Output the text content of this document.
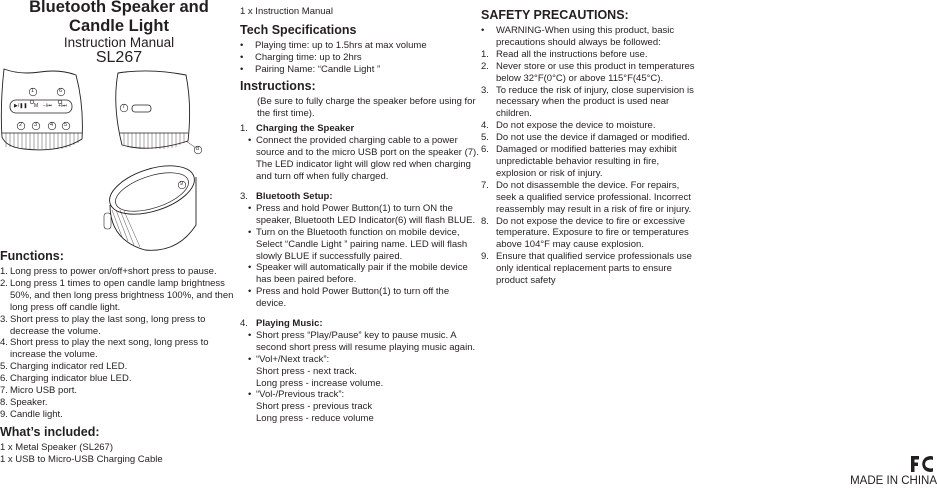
Bluetooth Speaker and
Candle Light
Instruction Manual
SL267
1	6
2 3 4 5
7
8
9
▶/❚❚ M −/⏮ +/⏭
Functions:
1. Long press to power on/off+short press to pause.
2. Long press 1 times to open candle lamp brightness 50%, and then long press brightness 100%, and then long press off candle light.
3. Short press to play the last song, long press to decrease the volume.
4. Short press to play the next song, long press to increase the volume.
5. Charging indicator red LED.
6. Charging indicator blue LED.
7. Micro USB port.
8. Speaker.
9. Candle light.
What’s included:
1 x Metal Speaker (SL267)
1 x USB to Micro-USB Charging Cable
1 x Instruction Manual
Tech Specifications
• Playing time: up to 1.5hrs at max volume
• Charging time: up to 2hrs
• Pairing Name: “Candle Light ”
Instructions:
(Be sure to fully charge the speaker before using for the first time).
1. Charging the Speaker
• Connect the provided charging cable to a power source and to the micro USB port on the speaker (7).
The LED indicator light will glow red when charging and turn off when fully charged.
3. Bluetooth Setup:
• Press and hold Power Button(1) to turn ON the speaker, Bluetooth LED Indicator(6) will flash BLUE.
• Turn on the Bluetooth function on mobile device, Select “Candle Light ” pairing name. LED will flash slowly BLUE if successfully paired.
• Speaker will automatically pair if the mobile device has been paired before.
• Press and hold Power Button(1) to turn off the device.
4. Playing Music:
• Short press “Play/Pause” key to pause music. A second short press will resume playing music again.
• “Vol+/Next track”:
Short press - next track.
Long press - increase volume.
• “Vol-/Previous track”:
Short press - previous track
Long press - reduce volume
SAFETY PRECAUTIONS:
• WARNING-When using this product, basic precautions should always be followed:
1. Read all the instructions before use.
2. Never store or use this product in temperatures below 32°F(0°C) or above 115°F(45°C).
3. To reduce the risk of injury, close supervision is necessary when the product is used near children.
4. Do not expose the device to moisture.
5. Do not use the device if damaged or modified.
6. Damaged or modified batteries may exhibit unpredictable behavior resulting in fire, explosion or risk of injury.
7. Do not disassemble the device. For repairs, seek a qualified service professional. Incorrect reassembly may result in a risk of fire or injury.
8. Do not expose the device to fire or excessive temperature. Exposure to fire or temperatures above 104°F may cause explosion.
9. Ensure that qualified service professionals use only identical replacement parts to ensure product safety
MADE IN CHINA
